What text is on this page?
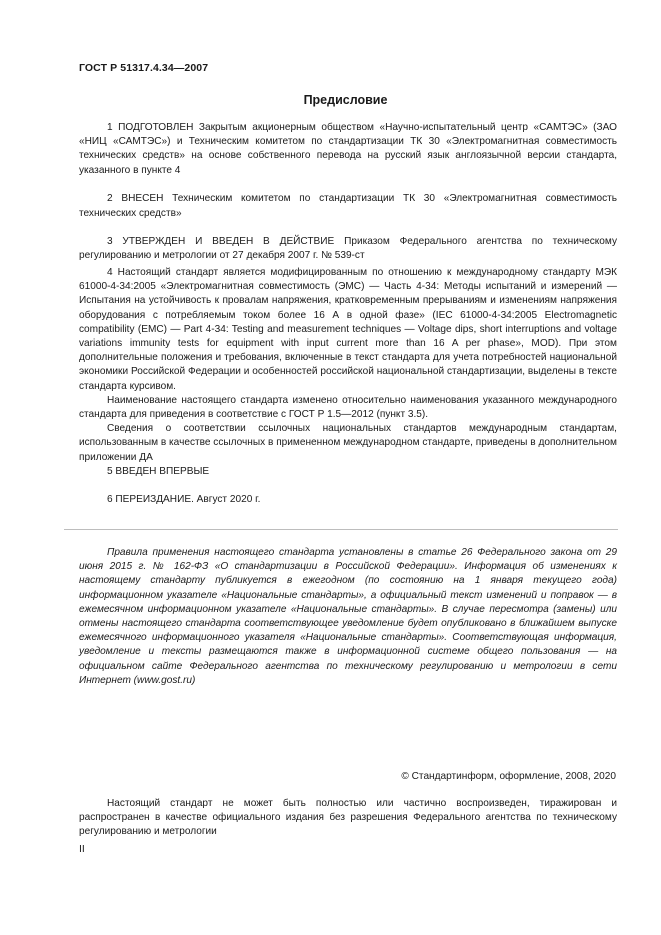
ГОСТ Р 51317.4.34—2007
Предисловие

1 ПОДГОТОВЛЕН Закрытым акционерным обществом «Научно-испытательный центр «САМТЭС» (ЗАО «НИЦ «САМТЭС») и Техническим комитетом по стандартизации ТК 30 «Электромагнитная совместимость технических средств» на основе собственного перевода на русский язык англоязычной версии стандарта, указанного в пункте 4

2 ВНЕСЕН Техническим комитетом по стандартизации ТК 30 «Электромагнитная совместимость технических средств»

3 УТВЕРЖДЕН И ВВЕДЕН В ДЕЙСТВИЕ Приказом Федерального агентства по техническому регулированию и метрологии от 27 декабря 2007 г. № 539-ст

4 Настоящий стандарт является модифицированным по отношению к международному стандарту МЭК 61000-4-34:2005 «Электромагнитная совместимость (ЭМС) — Часть 4-34: Методы испытаний и измерений — Испытания на устойчивость к провалам напряжения, кратковременным прерываниям и изменениям напряжения оборудования с потребляемым током более 16 А в одной фазе» (IEC 61000-4-34:2005 Electromagnetic compatibility (EMC) — Part 4-34: Testing and measurement techniques — Voltage dips, short interruptions and voltage variations immunity tests for equipment with input current more than 16 A per phase», MOD). При этом дополнительные положения и требования, включенные в текст стандарта для учета потребностей национальной экономики Российской Федерации и особенностей российской национальной стандартизации, выделены в тексте стандарта курсивом.

Наименование настоящего стандарта изменено относительно наименования указанного международного стандарта для приведения в соответствие с ГОСТ Р 1.5—2012 (пункт 3.5).

Сведения о соответствии ссылочных национальных стандартов международным стандартам, использованным в качестве ссылочных в примененном международном стандарте, приведены в дополнительном приложении ДА

5 ВВЕДЕН ВПЕРВЫЕ

6 ПЕРЕИЗДАНИЕ. Август 2020 г.

Правила применения настоящего стандарта установлены в статье 26 Федерального закона от 29 июня 2015 г. № 162-ФЗ «О стандартизации в Российской Федерации». Информация об изменениях к настоящему стандарту публикуется в ежегодном (по состоянию на 1 января текущего года) информационном указателе «Национальные стандарты», а официальный текст изменений и поправок — в ежемесячном информационном указателе «Национальные стандарты». В случае пересмотра (замены) или отмены настоящего стандарта соответствующее уведомление будет опубликовано в ближайшем выпуске ежемесячного информационного указателя «Национальные стандарты». Соответствующая информация, уведомление и тексты размещаются также в информационной системе общего пользования — на официальном сайте Федерального агентства по техническому регулированию и метрологии в сети Интернет (www.gost.ru)

© Стандартинформ, оформление, 2008, 2020

Настоящий стандарт не может быть полностью или частично воспроизведен, тиражирован и распространен в качестве официального издания без разрешения Федерального агентства по техническому регулированию и метрологии

II
